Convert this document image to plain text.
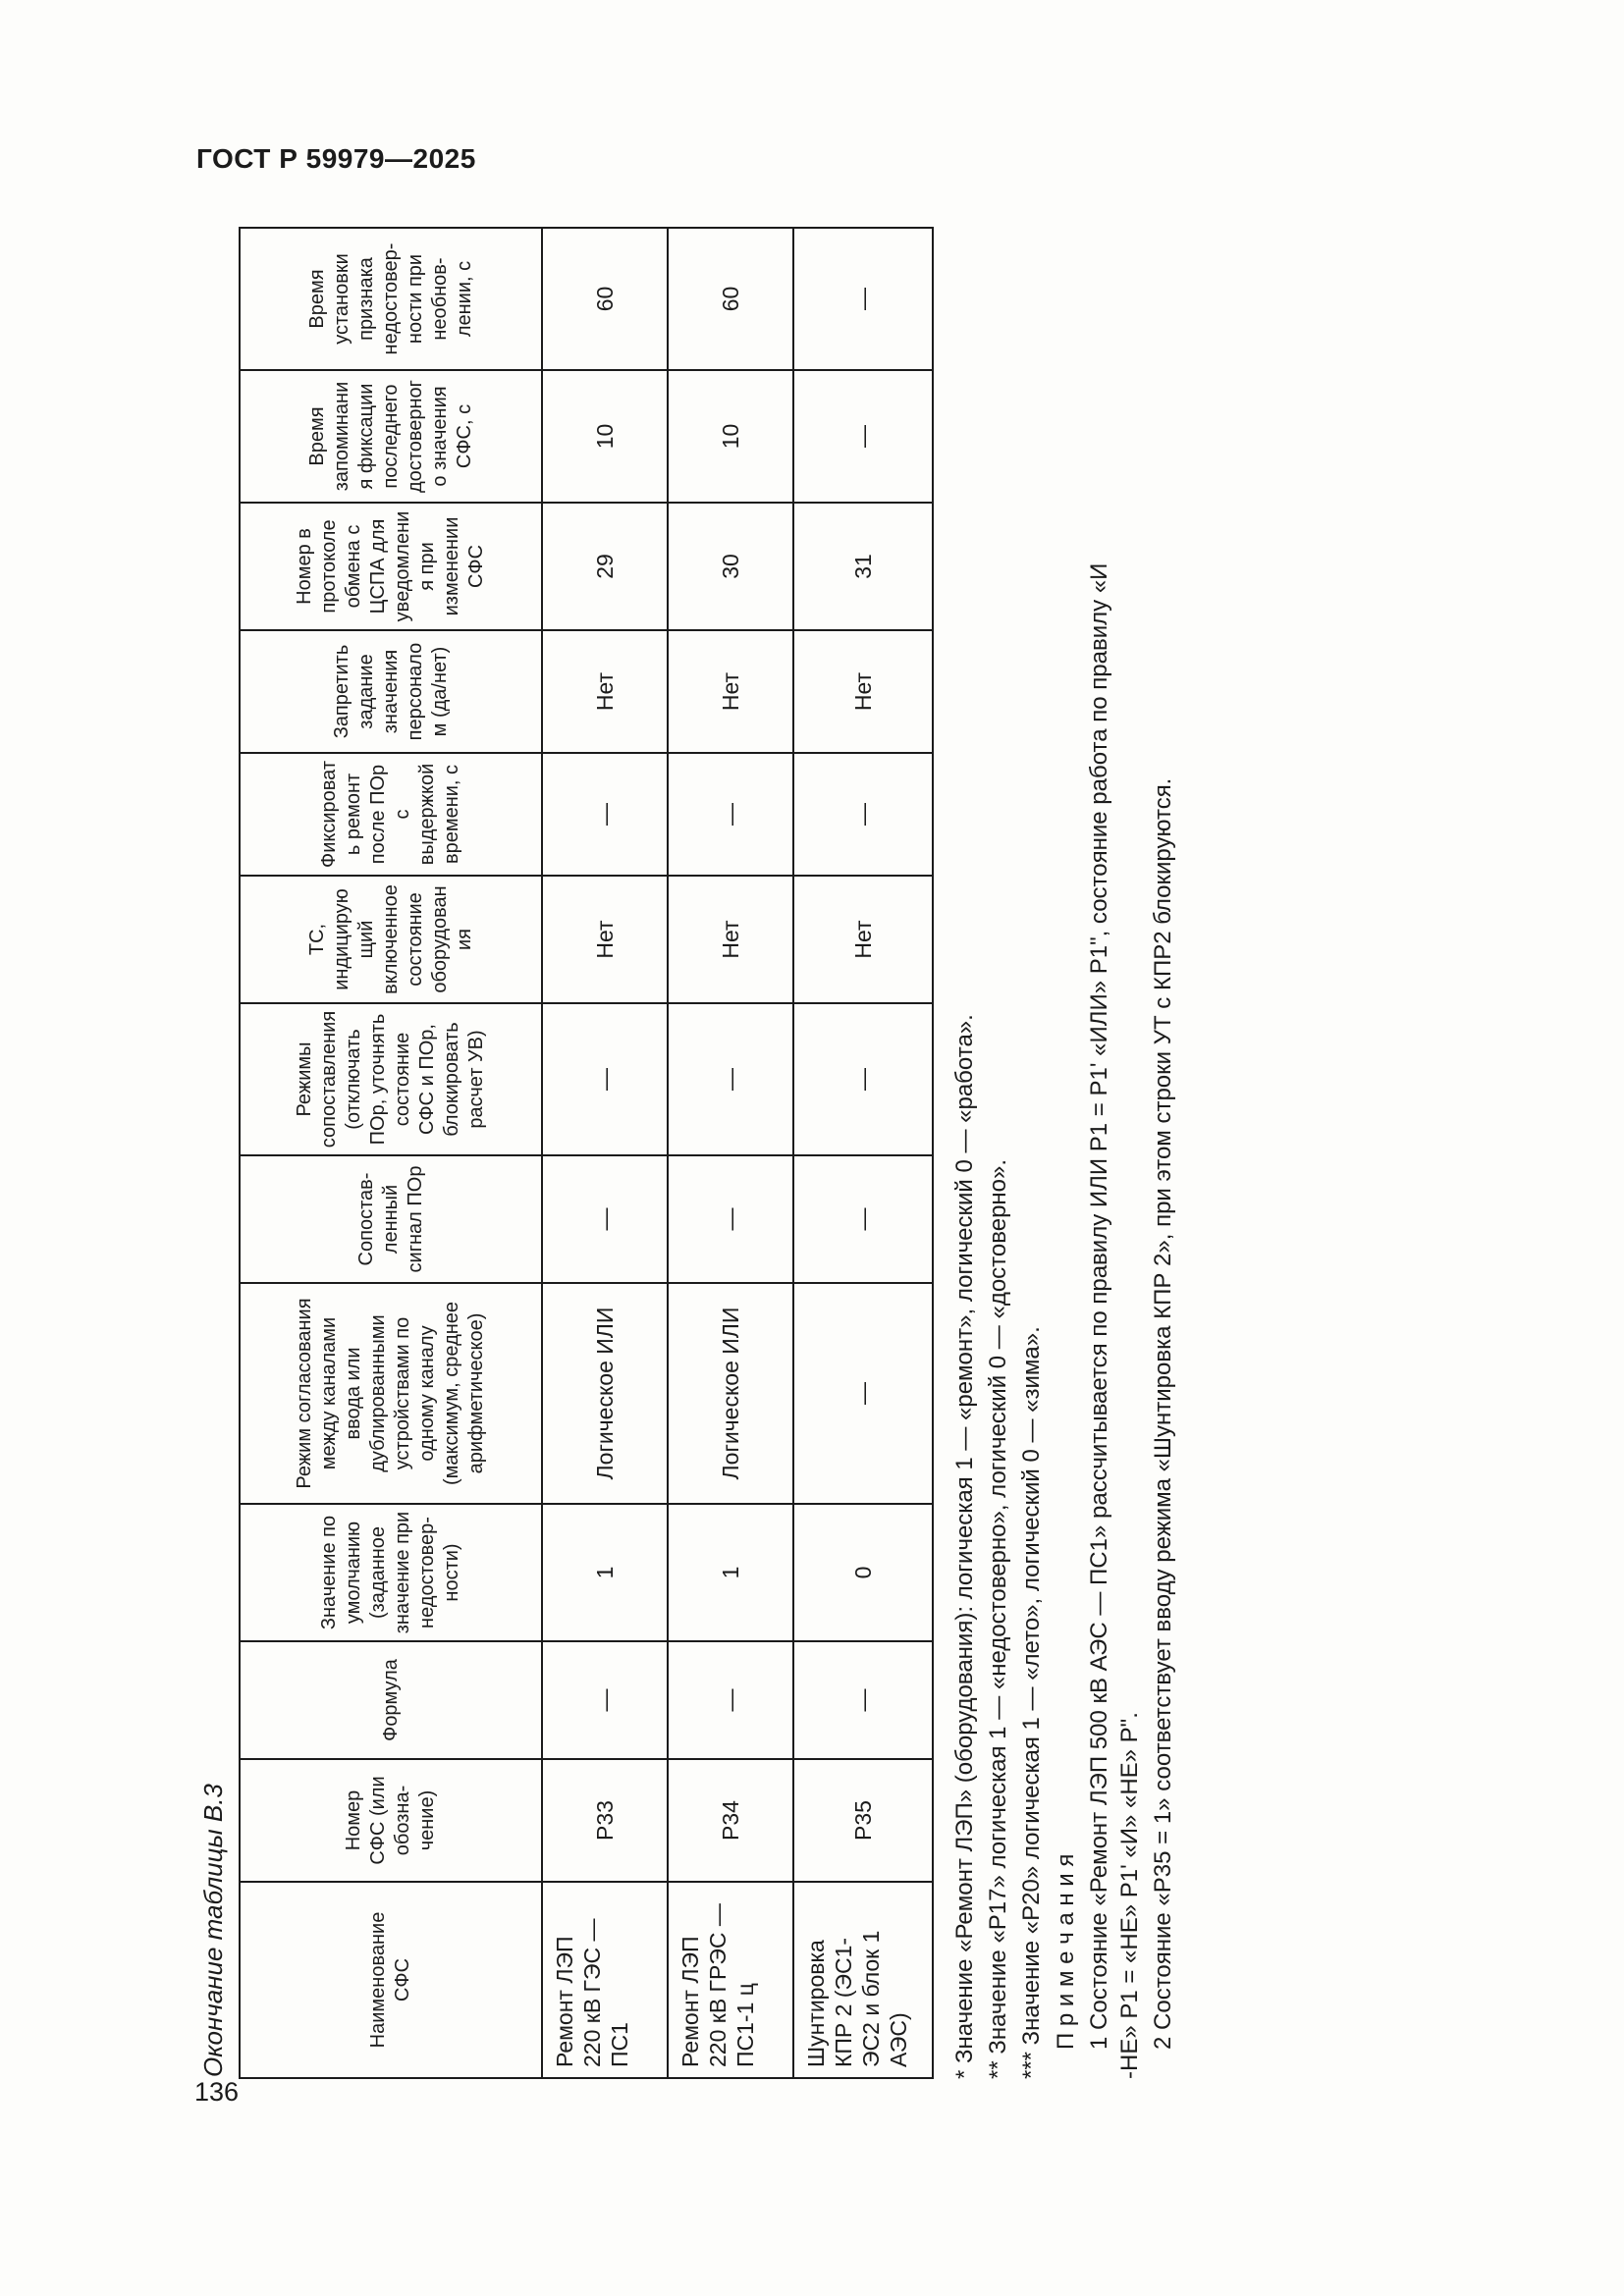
ГОСТ Р 59979—2025

Окончание таблицы В.3	Наименование СФС	Номер СФС (или обозначение)	Формула	Значение по умолчанию (заданное значение при недостоверности)	Режим согласования между каналами ввода или дублированными устройствами по одному каналу (максимум, среднее арифметическое)	Сопоставленный сигнал ПОр	Режимы сопоставления (отключать ПОр, уточнять состояние СФС и ПОр, блокировать расчет УВ)	ТС, индицирующий включенное состояние оборудования	Фиксировать ремонт после ПОр с выдержкой времени, с	Запретить задание значения персоналом (да/нет)	Номер в протоколе обмена с ЦСПА для уведомления при изменении СФС	Время запоминания фиксации последнего достоверного значения СФС, с	Время установки признака недостоверности при необновлении, с
Ремонт ЛЭП 220 кВ ГЭС — ПС1	Р33	—	1	Логическое ИЛИ	—	—	Нет	—	Нет	29	10	60
Ремонт ЛЭП 220 кВ ГРЭС — ПС1-1 ц	Р34	—	1	Логическое ИЛИ	—	—	Нет	—	Нет	30	10	60
Шунтировка КПР 2 (ЭС1-ЭС2 и блок 1 АЭС)	Р35	—	0	—	—	—	Нет	—	Нет	31	—	—

* Значение «Ремонт ЛЭП» (оборудования): логическая 1 — «ремонт», логический 0 — «работа». ** Значение «Р17» логическая 1 — «недостоверно», логический 0 — «достоверно». *** Значение «Р20» логическая 1 — «лето», логический 0 — «зима». П р и м е ч а н и я 1 Состояние «Ремонт ЛЭП 500 кВ АЭС — ПС1» рассчитывается по правилу ИЛИ Р1 = Р1' «ИЛИ» Р1", состояние работа по правилу «И -НЕ» Р1 = «НЕ» Р1' «И» «НЕ» Р". 2 Состояние «Р35 = 1» соответствует вводу режима «Шунтировка КПР 2», при этом строки УТ с КПР2 блокируются.

136
